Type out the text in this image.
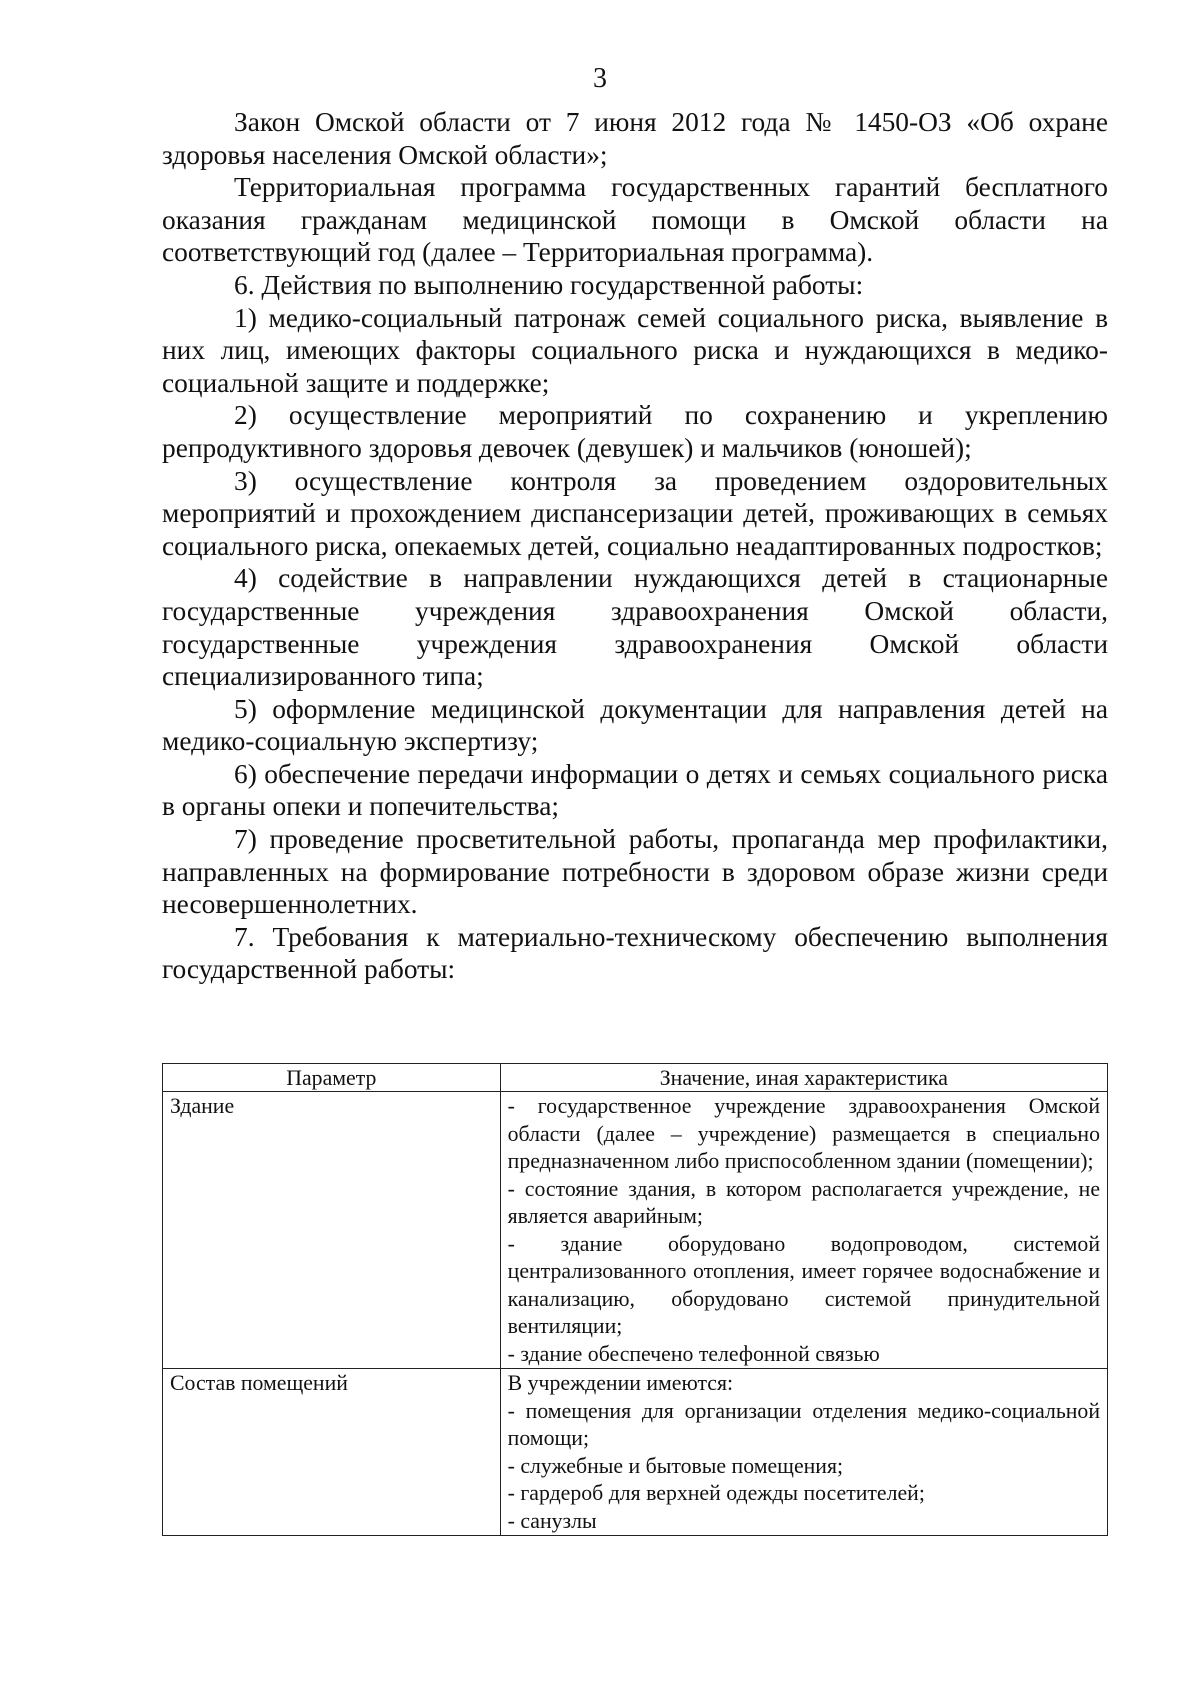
3

Закон Омской области от 7 июня 2012 года № 1450-ОЗ «Об охране здоровья населения Омской области»;

Территориальная программа государственных гарантий бесплатного оказания гражданам медицинской помощи в Омской области на соответствующий год (далее – Территориальная программа).

6. Действия по выполнению государственной работы:

1) медико-социальный патронаж семей социального риска, выявление в них лиц, имеющих факторы социального риска и нуждающихся в медико-социальной защите и поддержке;

2) осуществление мероприятий по сохранению и укреплению репродуктивного здоровья девочек (девушек) и мальчиков (юношей);

3) осуществление контроля за проведением оздоровительных мероприятий и прохождением диспансеризации детей, проживающих в семьях социального риска, опекаемых детей, социально неадаптированных подростков;

4) содействие в направлении нуждающихся детей в стационарные государственные учреждения здравоохранения Омской области, государственные учреждения здравоохранения Омской области специализированного типа;

5) оформление медицинской документации для направления детей на медико-социальную экспертизу;

6) обеспечение передачи информации о детях и семьях социального риска в органы опеки и попечительства;

7) проведение просветительной работы, пропаганда мер профилактики, направленных на формирование потребности в здоровом образе жизни среди несовершеннолетних.

7. Требования к материально-техническому обеспечению выполнения государственной работы:

Параметр	Значение, иная характеристика
Здание	- государственное учреждение здравоохранения Омской области (далее – учреждение) размещается в специально предназначенном либо приспособленном здании (помещении);
- состояние здания, в котором располагается учреждение, не является аварийным;
- здание оборудовано водопроводом, системой централизованного отопления, имеет горячее водоснабжение и канализацию, оборудовано системой принудительной вентиляции;
- здание обеспечено телефонной связью

Состав помещений	В учреждении имеются:
- помещения для организации отделения медико-социальной помощи;
- служебные и бытовые помещения;
- гардероб для верхней одежды посетителей;
- санузлы
